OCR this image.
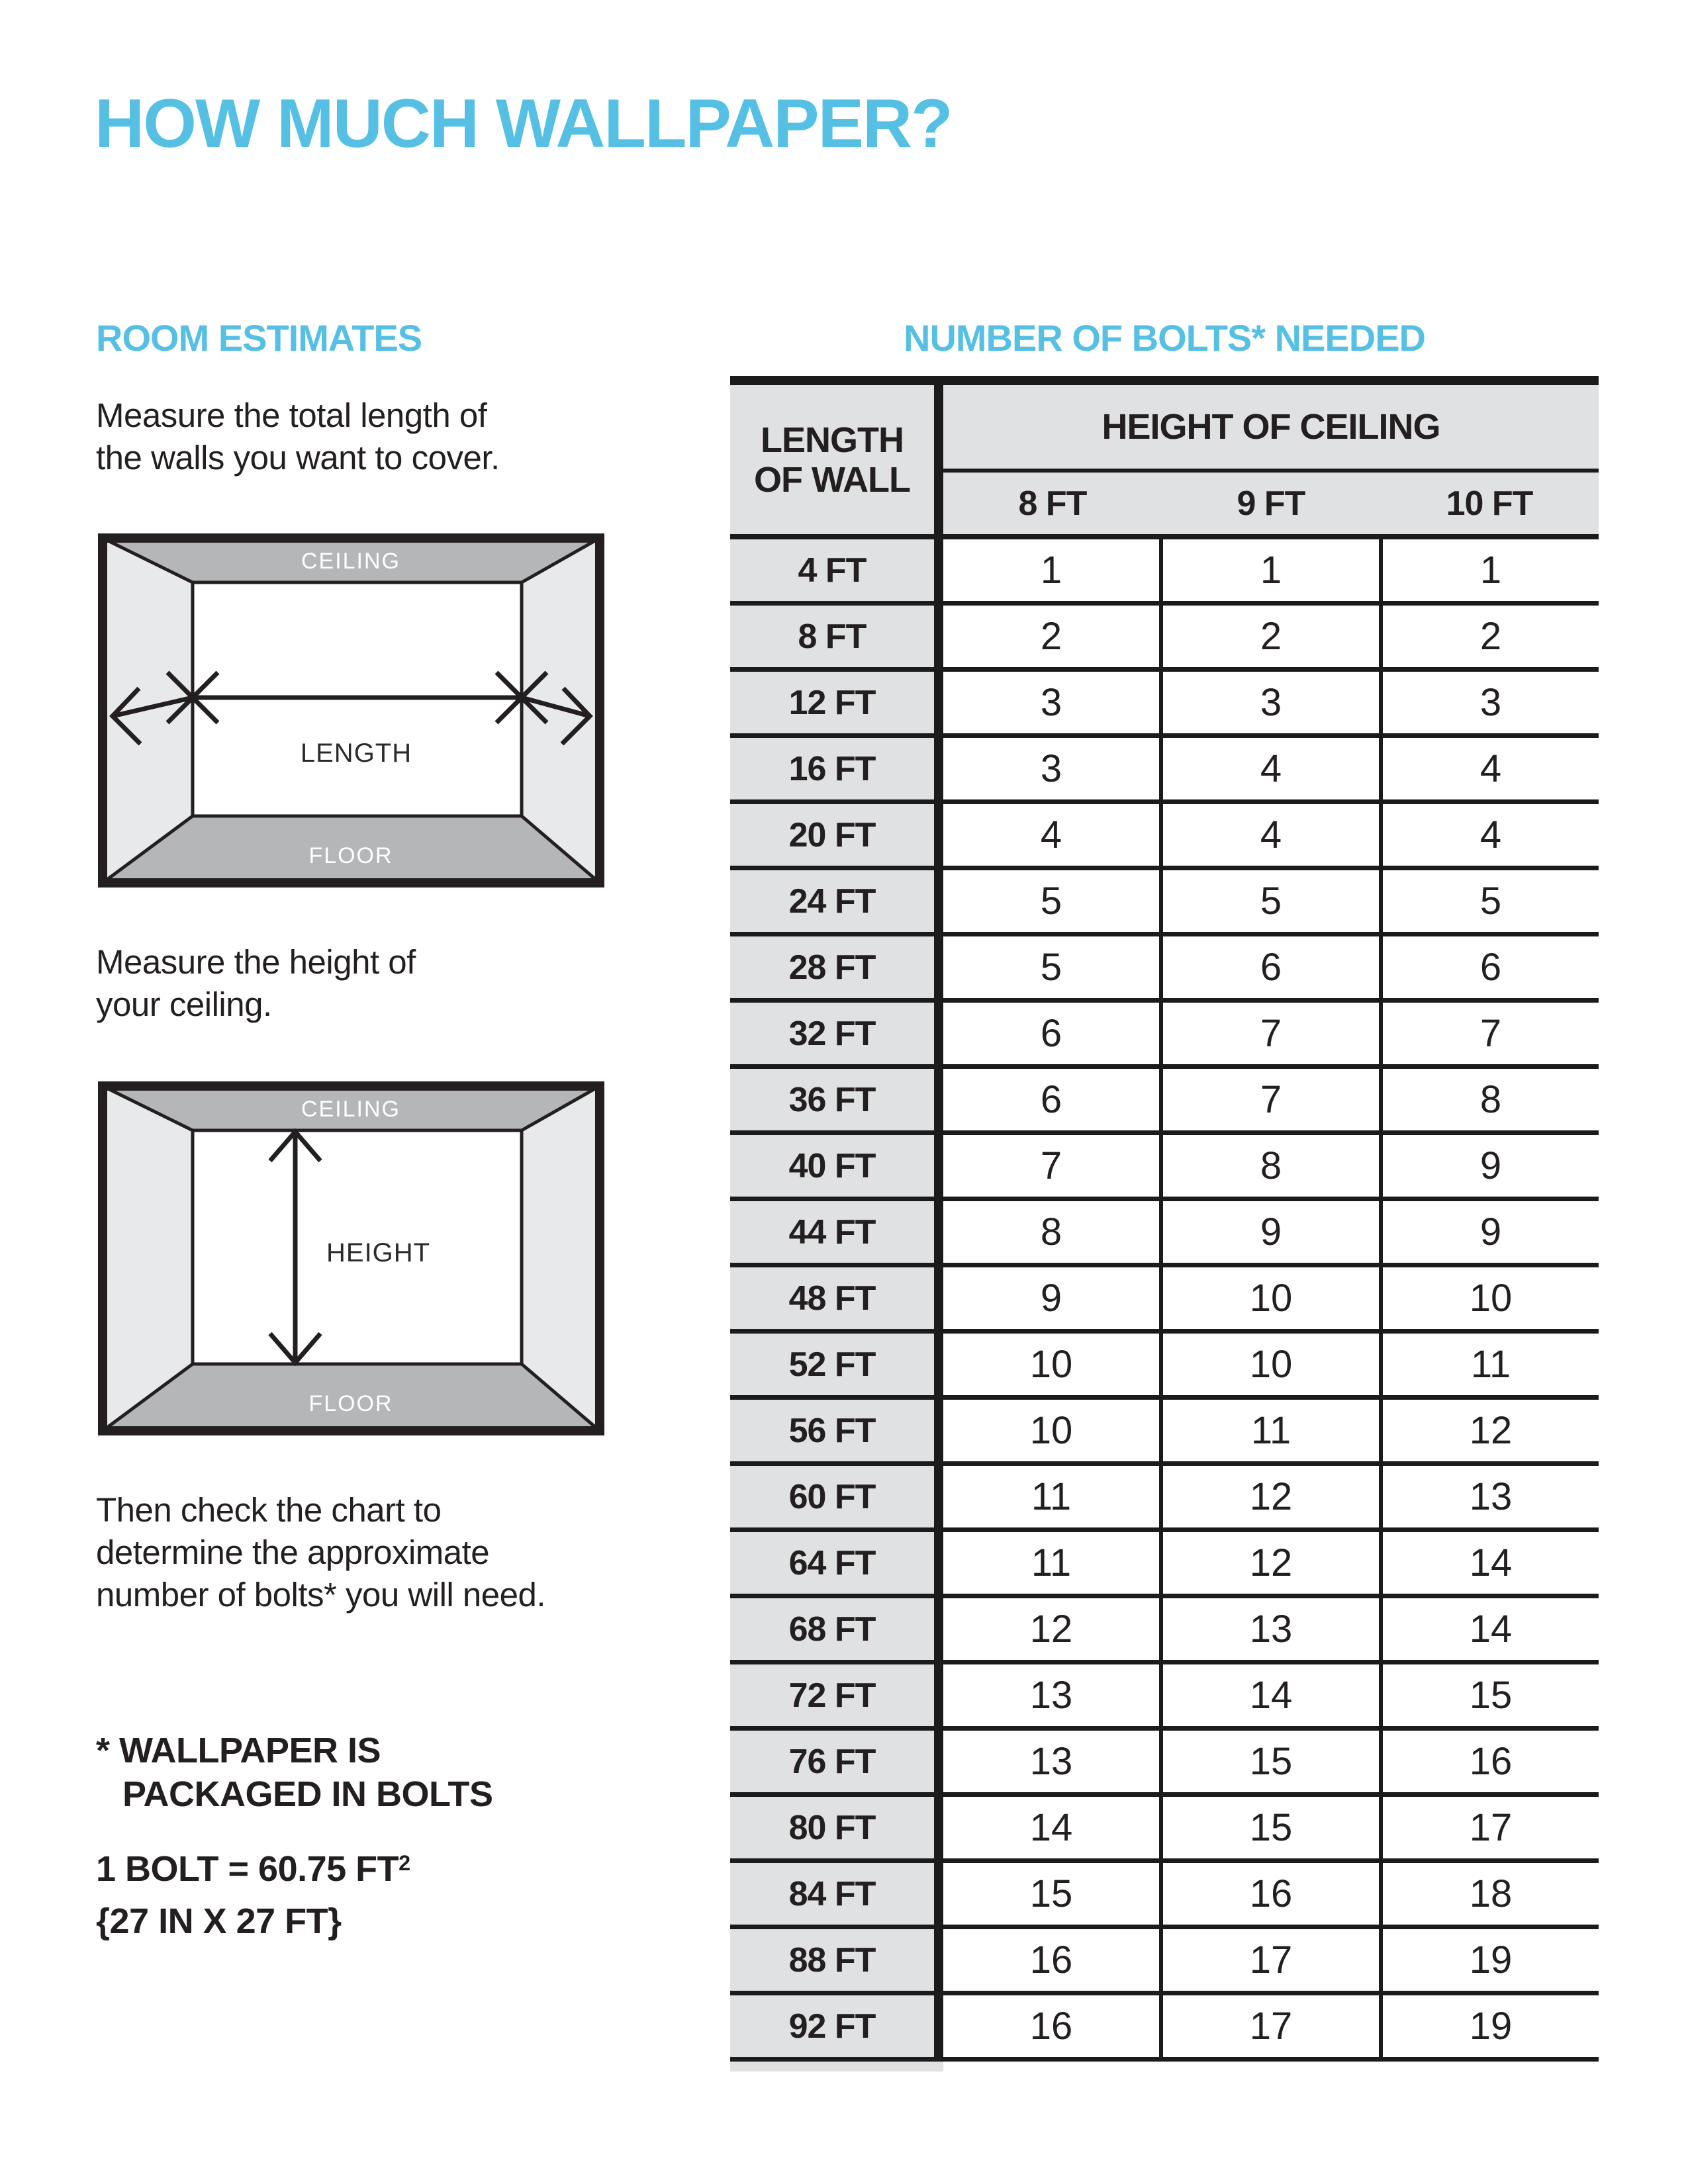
HOW MUCH WALLPAPER?
ROOM ESTIMATES
Measure the total length of
the walls you want to cover.
CEILING
FLOOR
LENGTH
Measure the height of
your ceiling.
CEILING
FLOOR
HEIGHT
Then check the chart to
determine the approximate
number of bolts* you will need.
* WALLPAPER IS
PACKAGED IN BOLTS
1 BOLT = 60.75 $FT^2$
{27 IN X 27 FT}
NUMBER OF BOLTS* NEEDED
LENGTH
OF WALL
HEIGHT OF CEILING
8 FT	9 FT	10 FT
4 FT	1	1	1
8 FT	2	2	2
12 FT	3	3	3
16 FT	3	4	4
20 FT	4	4	4
24 FT	5	5	5
28 FT	5	6	6
32 FT	6	7	7
36 FT	6	7	8
40 FT	7	8	9
44 FT	8	9	9
48 FT	9	10	10
52 FT	10	10	11
56 FT	10	11	12
60 FT	11	12	13
64 FT	11	12	14
68 FT	12	13	14
72 FT	13	14	15
76 FT	13	15	16
80 FT	14	15	17
84 FT	15	16	18
88 FT	16	17	19
92 FT	16	17	19
